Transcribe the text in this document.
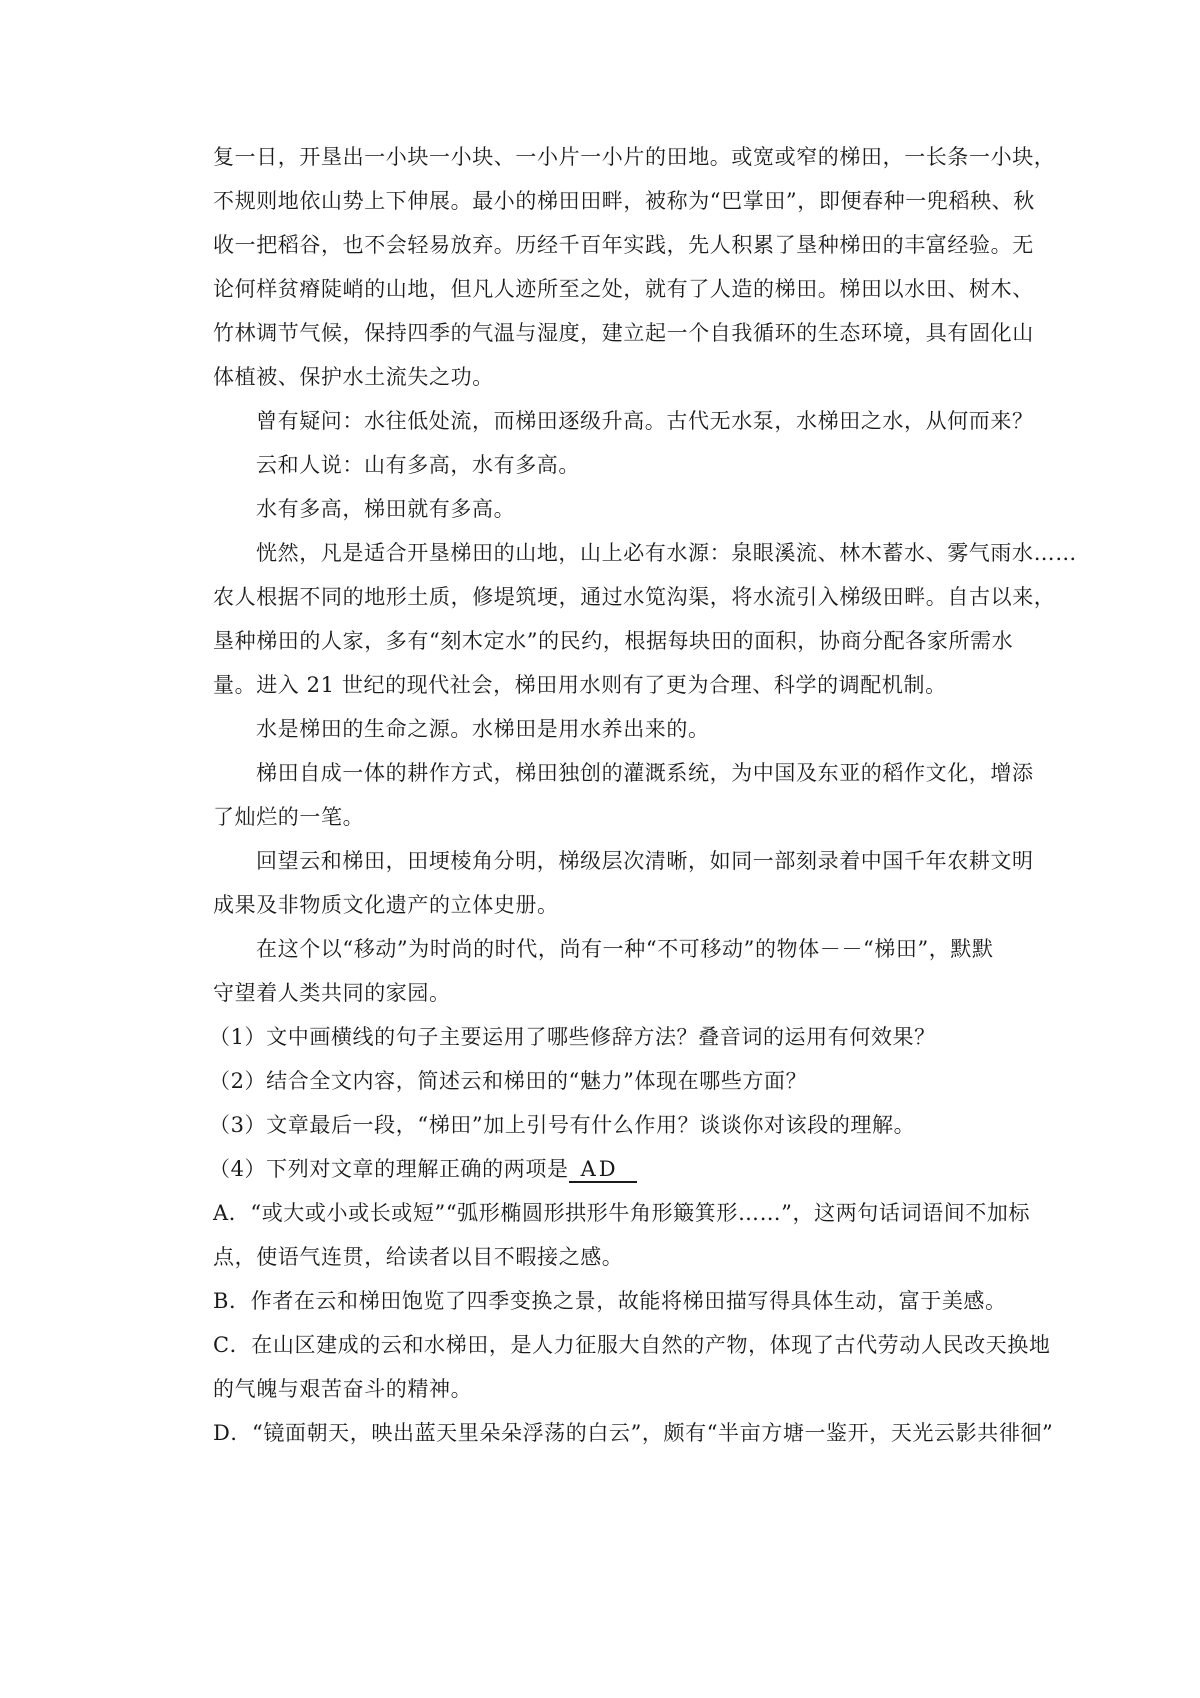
复一日，开垦出一小块一小块、一小片一小片的田地。或宽或窄的梯田，一长条一小块，
不规则地依山势上下伸展。最小的梯田田畔，被称为“巴掌田”，即便春种一兜稻秧、秋
收一把稻谷，也不会轻易放弃。历经千百年实践，先人积累了垦种梯田的丰富经验。无
论何样贫瘠陡峭的山地，但凡人迹所至之处，就有了人造的梯田。梯田以水田、树木、
竹林调节气候，保持四季的气温与湿度，建立起一个自我循环的生态环境，具有固化山
体植被、保护水土流失之功。
曾有疑问：水往低处流，而梯田逐级升高。古代无水泵，水梯田之水，从何而来？
云和人说：山有多高，水有多高。
水有多高，梯田就有多高。
恍然，凡是适合开垦梯田的山地，山上必有水源：泉眼溪流、林木蓄水、雾气雨水……
农人根据不同的地形土质，修堤筑埂，通过水笕沟渠，将水流引入梯级田畔。自古以来，
垦种梯田的人家，多有“刻木定水”的民约，根据每块田的面积，协商分配各家所需水
量。进入 21 世纪的现代社会，梯田用水则有了更为合理、科学的调配机制。
水是梯田的生命之源。水梯田是用水养出来的。
梯田自成一体的耕作方式，梯田独创的灌溉系统，为中国及东亚的稻作文化，增添
了灿烂的一笔。
回望云和梯田，田埂棱角分明，梯级层次清晰，如同一部刻录着中国千年农耕文明
成果及非物质文化遗产的立体史册。
在这个以“移动”为时尚的时代，尚有一种“不可移动”的物体－－“梯田”，默默
守望着人类共同的家园。
（1）文中画横线的句子主要运用了哪些修辞方法？叠音词的运用有何效果？
（2）结合全文内容，简述云和梯田的“魅力”体现在哪些方面？
（3）文章最后一段，“梯田”加上引号有什么作用？谈谈你对该段的理解。
（4）下列对文章的理解正确的两项是 AD
A．“或大或小或长或短”“弧形椭圆形拱形牛角形簸箕形……”，这两句话词语间不加标
点，使语气连贯，给读者以目不暇接之感。
B．作者在云和梯田饱览了四季变换之景，故能将梯田描写得具体生动，富于美感。
C．在山区建成的云和水梯田，是人力征服大自然的产物，体现了古代劳动人民改天换地
的气魄与艰苦奋斗的精神。
D．“镜面朝天，映出蓝天里朵朵浮荡的白云”，颇有“半亩方塘一鉴开，天光云影共徘徊”
